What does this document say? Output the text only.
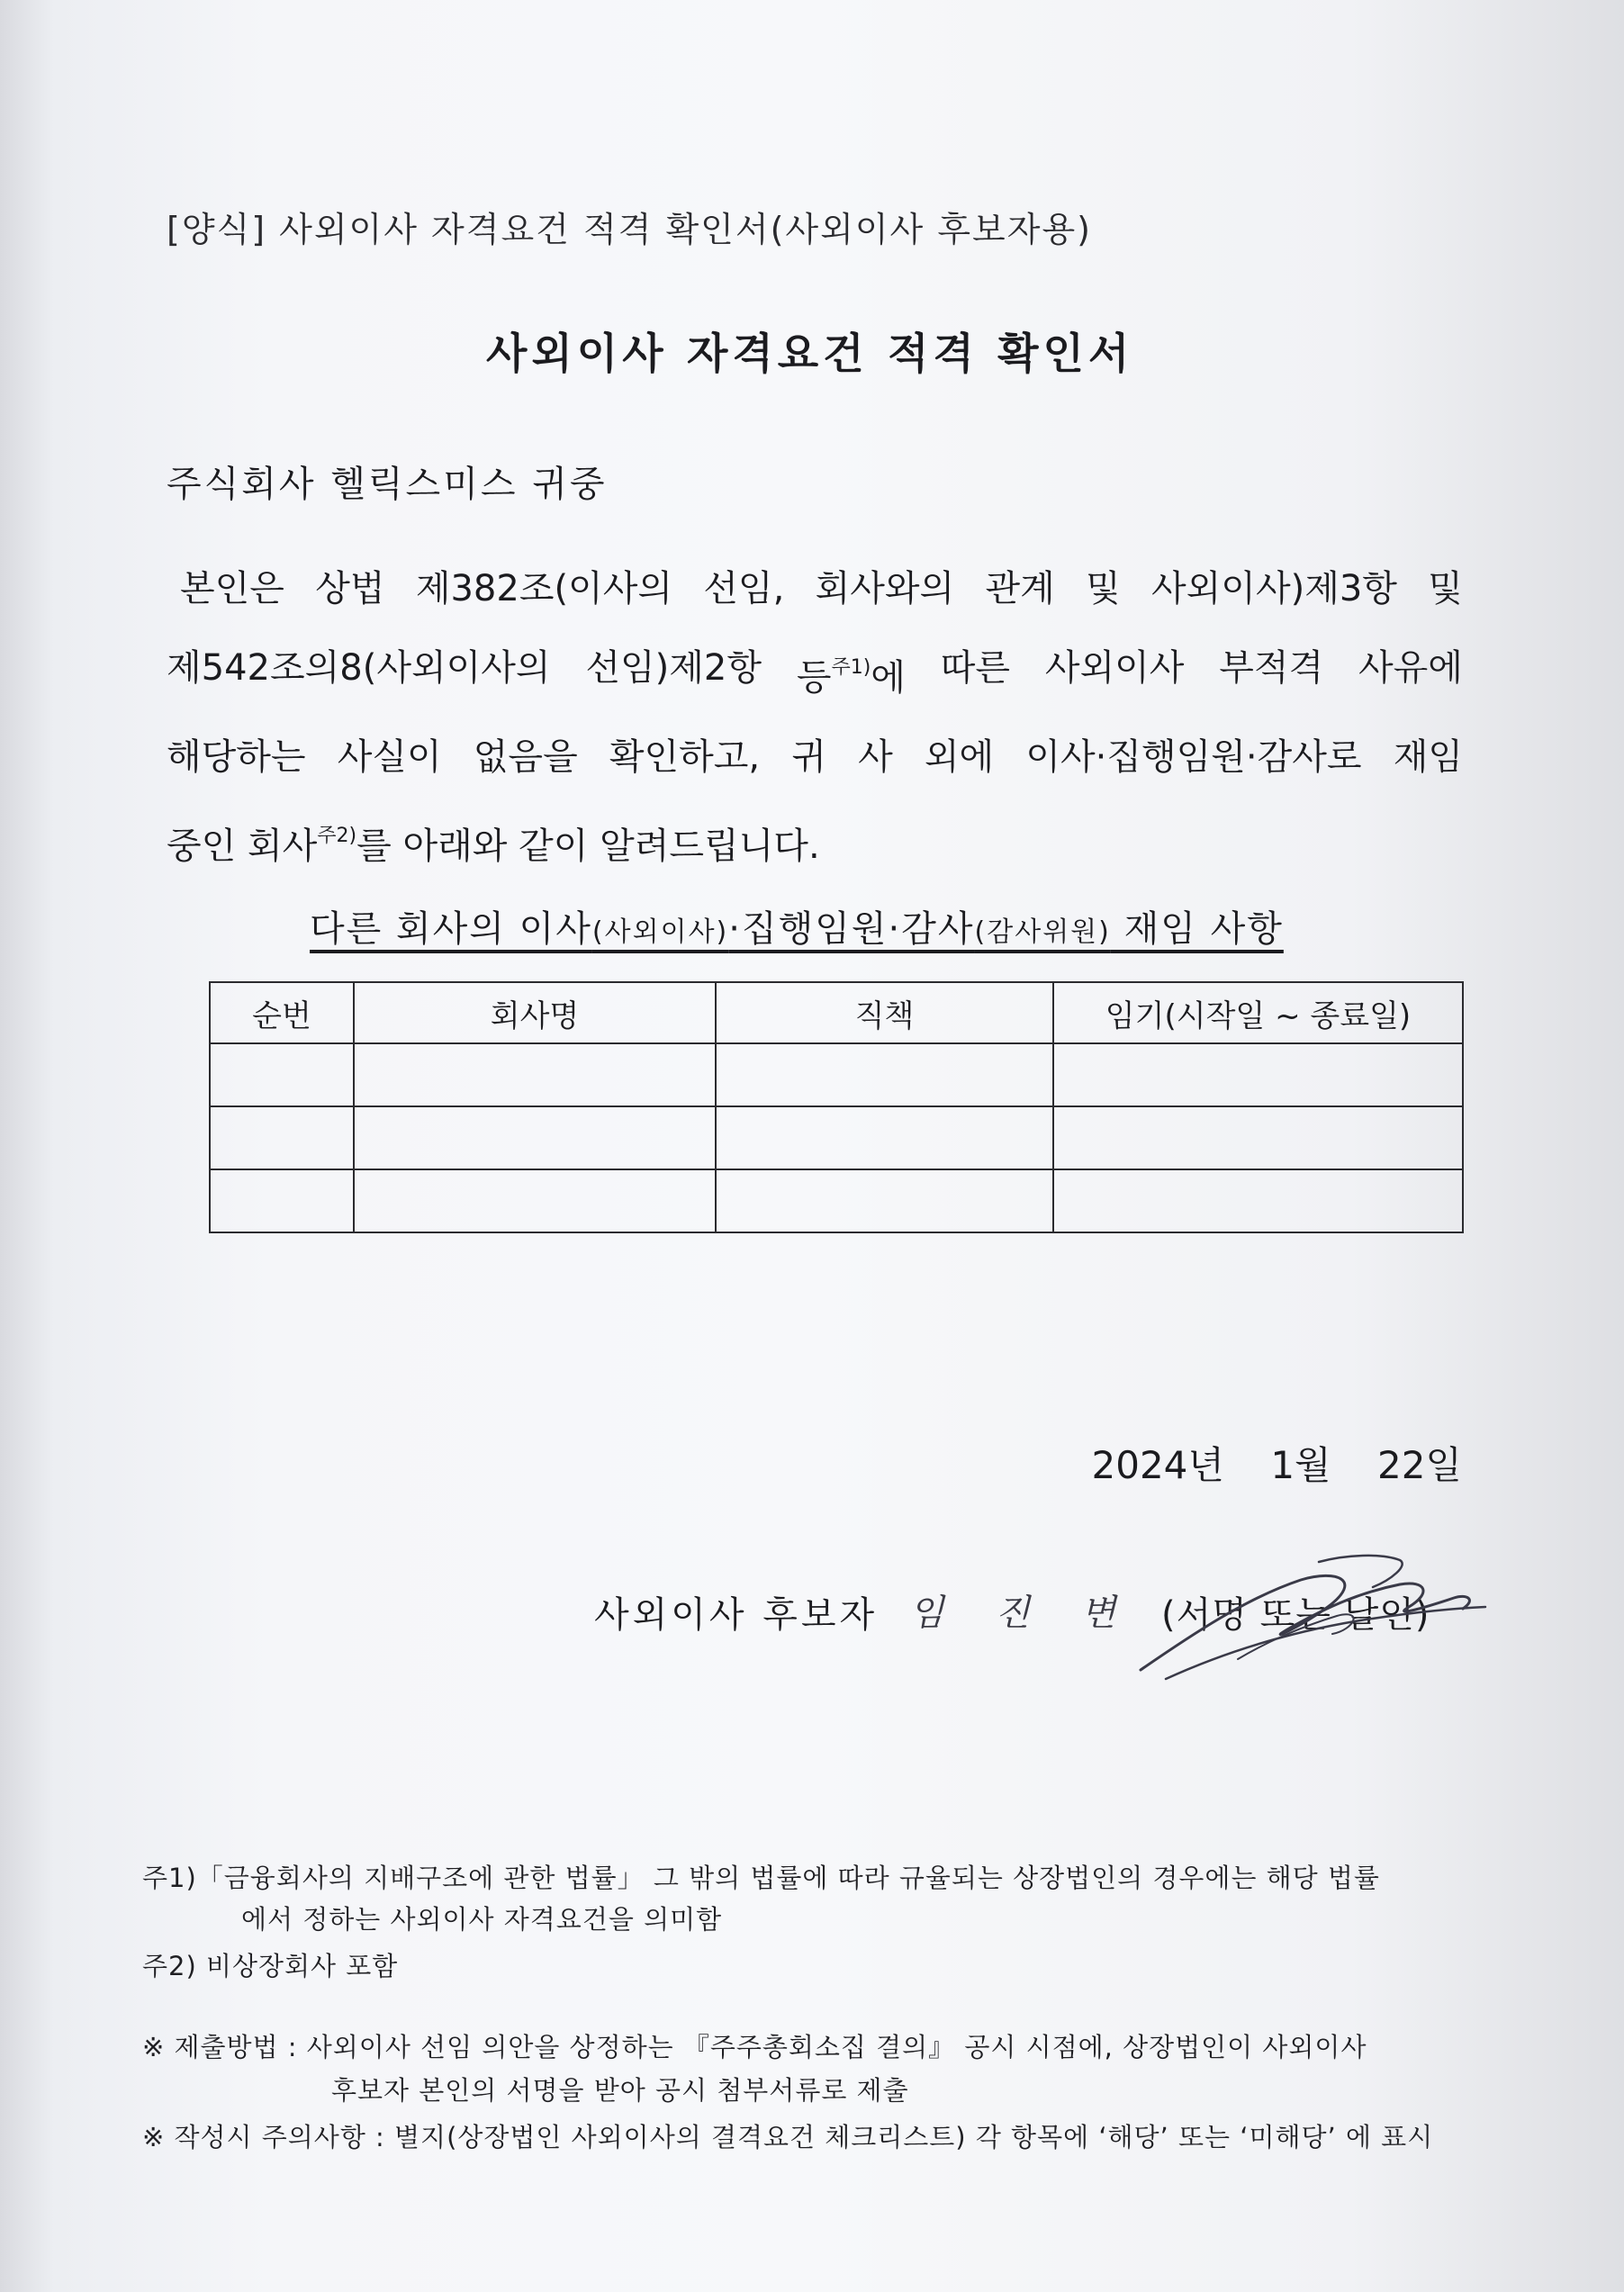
[양식] 사외이사 자격요건 적격 확인서(사외이사 후보자용)
사외이사 자격요건 적격 확인서
주식회사 헬릭스미스 귀중
본인은 상법 제382조(이사의 선임, 회사와의 관계 및 사외이사)제3항 및
제542조의8(사외이사의 선임)제2항 등$^{주1)}$에 따른 사외이사 부적격 사유에
해당하는 사실이 없음을 확인하고, 귀 사 외에 이사·집행임원·감사로 재임
중인 회사$^{주2)}$를 아래와 같이 알려드립니다.
다른 회사의 이사(사외이사)·집행임원·감사(감사위원) 재임 사항
순번	회사명	직책	임기(시작일 ~ 종료일)

2024년 1월 22일
사외이사 후보자 임 진 변 (서명 또는 날인)
주1)「금융회사의 지배구조에 관한 법률」 그 밖의 법률에 따라 규율되는 상장법인의 경우에는 해당 법률
에서 정하는 사외이사 자격요건을 의미함
주2) 비상장회사 포함
※ 제출방법 : 사외이사 선임 의안을 상정하는 『주주총회소집 결의』 공시 시점에, 상장법인이 사외이사
후보자 본인의 서명을 받아 공시 첨부서류로 제출
※ 작성시 주의사항 : 별지(상장법인 사외이사의 결격요건 체크리스트) 각 항목에 ‘해당’ 또는 ‘미해당’ 에 표시
